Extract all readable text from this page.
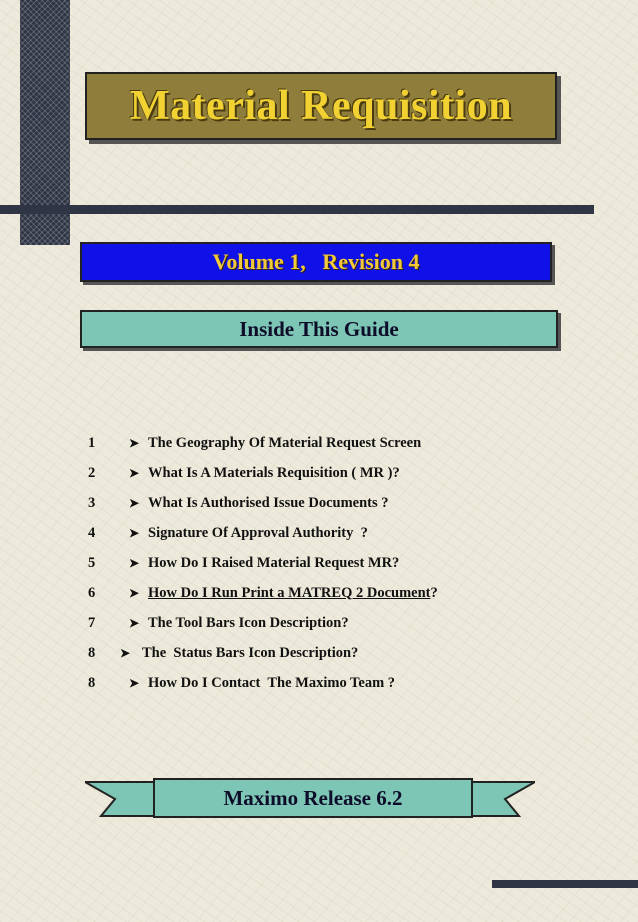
Material Requisition
Volume 1,   Revision 4
Inside This Guide
1	➤ The Geography Of Material Request Screen
2	➤ What Is A Materials Requisition ( MR )?
3	➤ What Is Authorised Issue Documents ?
4	➤ Signature Of Approval Authority  ?
5	➤ How Do I Raised Material Request MR?
6	➤ How Do I Run Print a MATREQ 2 Document?
7	➤ The Tool Bars Icon Description?
8	➤ The  Status Bars Icon Description?
8	➤ How Do I Contact  The Maximo Team ?
Maximo Release 6.2
